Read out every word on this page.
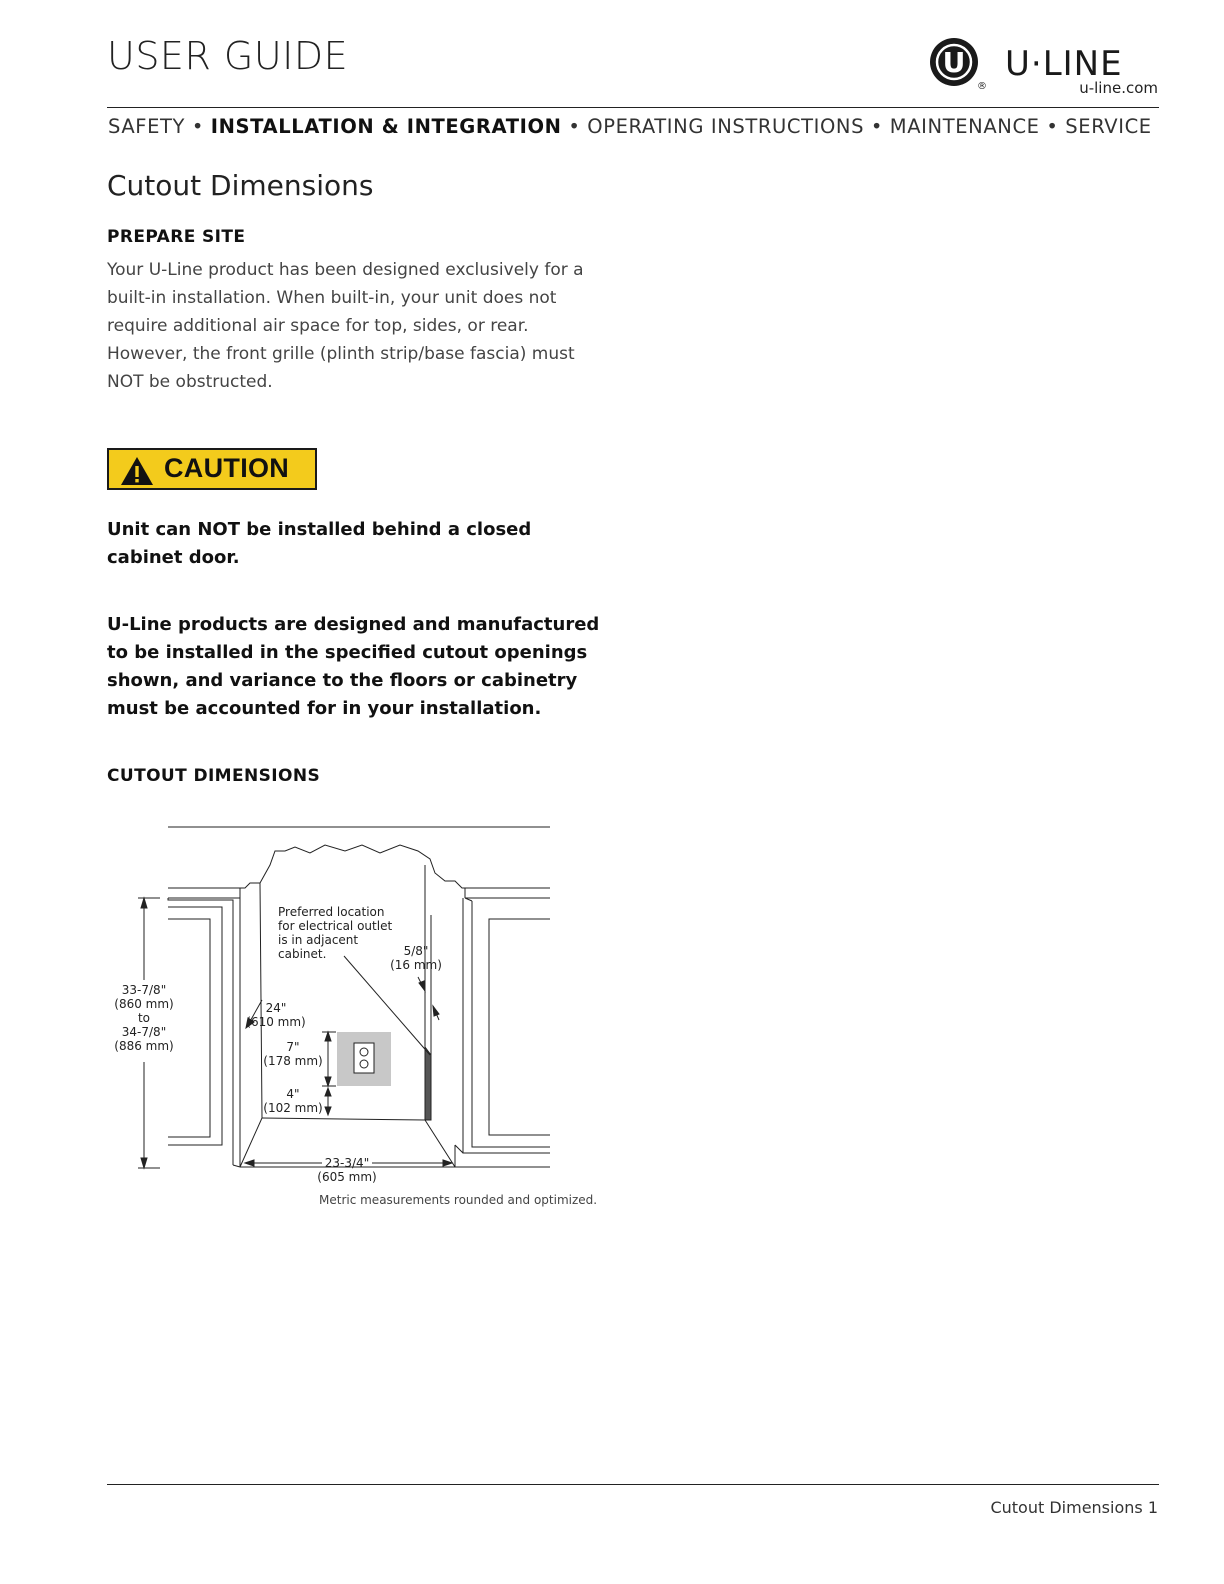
USER GUIDE	U
®
U·LINE
u-line.com
SAFETY • INSTALLATION & INTEGRATION • OPERATING INSTRUCTIONS • MAINTENANCE • SERVICE
Cutout Dimensions
PREPARE SITE
Your U-Line product has been designed exclusively for a built-in installation. When built-in, your unit does not require additional air space for top, sides, or rear. However, the front grille (plinth strip/base fascia) must NOT be obstructed.
CAUTION
Unit can NOT be installed behind a closed cabinet door.
U-Line products are designed and manufactured to be installed in the specified cutout openings shown, and variance to the floors or cabinetry must be accounted for in your installation.
CUTOUT DIMENSIONS
Preferred location
for electrical outlet
is in adjacent
cabinet.
33-7/8"
(860 mm)
to
34-7/8"
(886 mm)
24"
(610 mm)
7"
(178 mm)
4"
(102 mm)
23-3/4"
(605 mm)
5/8"
(16 mm)
Metric measurements rounded and optimized.
Cutout Dimensions 1
